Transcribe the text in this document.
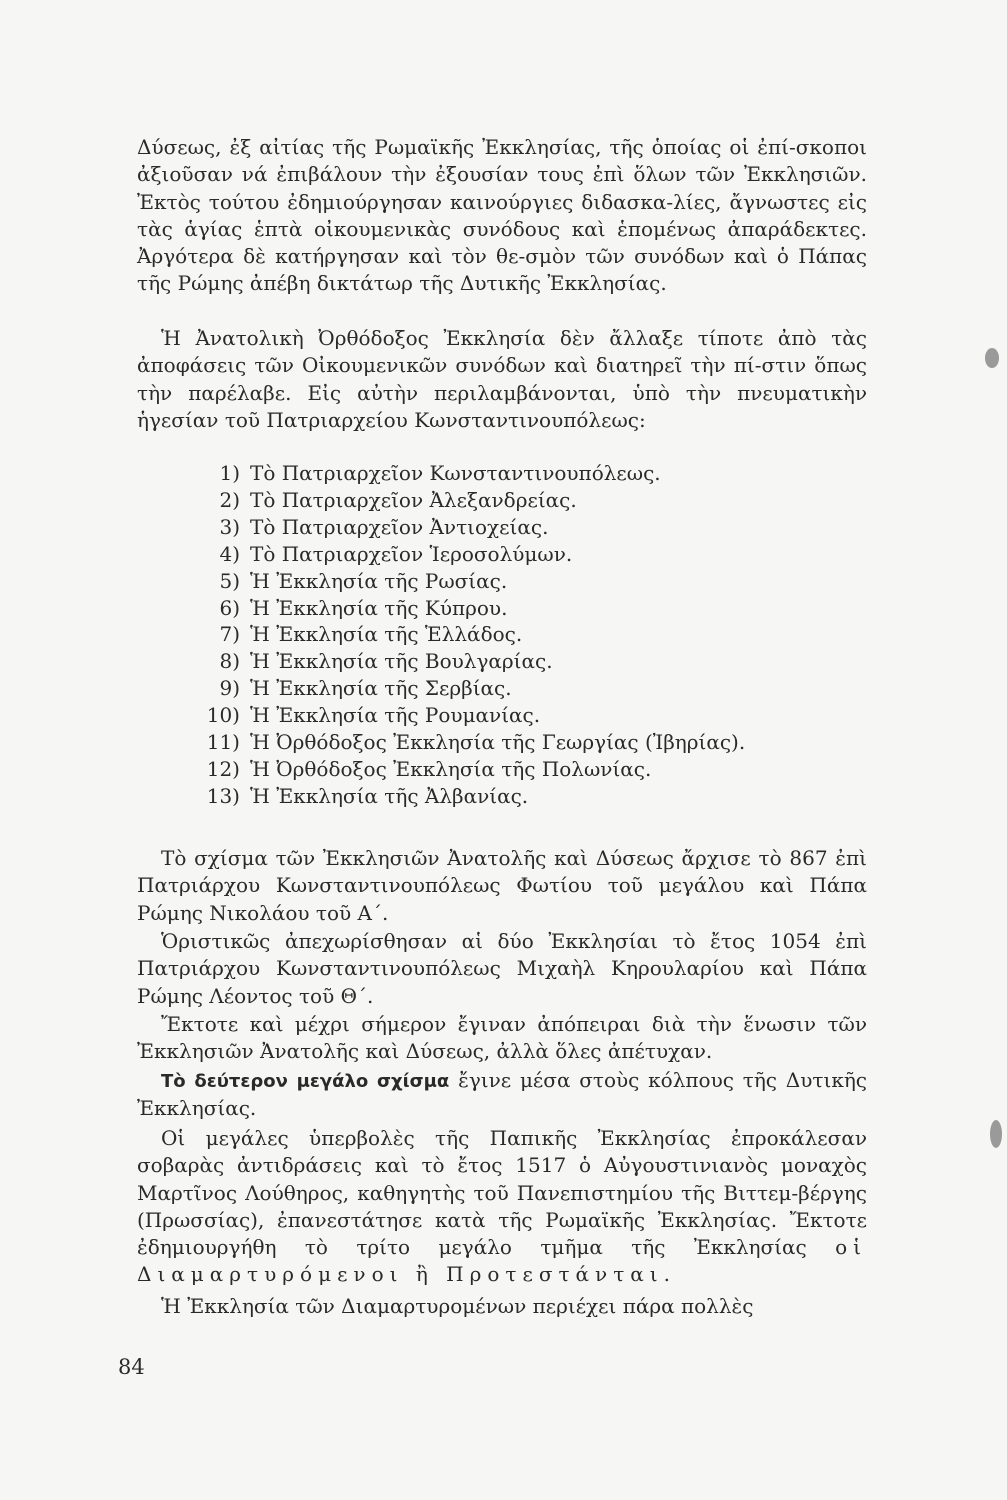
Δύσεως, ἐξ αἰτίας τῆς Ρωμαϊκῆς Ἐκκλησίας, τῆς ὁποίας οἱ ἐπί-σκοποι ἀξιοῦσαν νά ἐπιβάλουν τὴν ἐξουσίαν τους ἐπὶ ὅλων τῶν Ἐκκλησιῶν. Ἐκτὸς τούτου ἐδημιούργησαν καινούργιες διδασκα-λίες, ἄγνωστες εἰς τὰς ἁγίας ἑπτὰ οἰκουμενικὰς συνόδους καὶ ἑπομένως ἀπαράδεκτες. Ἀργότερα δὲ κατήργησαν καὶ τὸν θε-σμὸν τῶν συνόδων καὶ ὁ Πάπας τῆς Ρώμης ἀπέβη δικτάτωρ τῆς Δυτικῆς Ἐκκλησίας.

Ἡ Ἀνατολικὴ Ὀρθόδοξος Ἐκκλησία δὲν ἄλλαξε τίποτε ἀπὸ τὰς ἀποφάσεις τῶν Οἰκουμενικῶν συνόδων καὶ διατηρεῖ τὴν πί-στιν ὅπως τὴν παρέλαβε. Εἰς αὐτὴν περιλαμβάνονται, ὑπὸ τὴν πνευματικὴν ἡγεσίαν τοῦ Πατριαρχείου Κωνσταντινουπόλεως:

1) Τὸ Πατριαρχεῖον Κωνσταντινουπόλεως.
2) Τὸ Πατριαρχεῖον Ἀλεξανδρείας.
3) Τὸ Πατριαρχεῖον Ἀντιοχείας.
4) Τὸ Πατριαρχεῖον Ἱεροσολύμων.
5) Ἡ Ἐκκλησία τῆς Ρωσίας.
6) Ἡ Ἐκκλησία τῆς Κύπρου.
7) Ἡ Ἐκκλησία τῆς Ἑλλάδος.
8) Ἡ Ἐκκλησία τῆς Βουλγαρίας.
9) Ἡ Ἐκκλησία τῆς Σερβίας.
10) Ἡ Ἐκκλησία τῆς Ρουμανίας.
11) Ἡ Ὀρθόδοξος Ἐκκλησία τῆς Γεωργίας (Ἰβηρίας).
12) Ἡ Ὀρθόδοξος Ἐκκλησία τῆς Πολωνίας.
13) Ἡ Ἐκκλησία τῆς Ἀλβανίας.

Τὸ σχίσμα τῶν Ἐκκλησιῶν Ἀνατολῆς καὶ Δύσεως ἄρχισε τὸ 867 ἐπὶ Πατριάρχου Κωνσταντινουπόλεως Φωτίου τοῦ μεγάλου καὶ Πάπα Ρώμης Νικολάου τοῦ Α΄.

Ὁριστικῶς ἀπεχωρίσθησαν αἱ δύο Ἐκκλησίαι τὸ ἔτος 1054 ἐπὶ Πατριάρχου Κωνσταντινουπόλεως Μιχαὴλ Κηρουλαρίου καὶ Πάπα Ρώμης Λέοντος τοῦ Θ΄.

Ἔκτοτε καὶ μέχρι σήμερον ἔγιναν ἀπόπειραι διὰ τὴν ἕνωσιν τῶν Ἐκκλησιῶν Ἀνατολῆς καὶ Δύσεως, ἀλλὰ ὅλες ἀπέτυχαν.

Τὸ δεύτερον μεγάλο σχίσμα ἔγινε μέσα στοὺς κόλπους τῆς Δυτικῆς Ἐκκλησίας.

Οἱ μεγάλες ὑπερβολὲς τῆς Παπικῆς Ἐκκλησίας ἐπροκάλεσαν σοβαρὰς ἀντιδράσεις καὶ τὸ ἔτος 1517 ὁ Αὐγουστινιανὸς μοναχὸς Μαρτῖνος Λούθηρος, καθηγητὴς τοῦ Πανεπιστημίου τῆς Βιττεμ-βέργης (Πρωσσίας), ἐπανεστάτησε κατὰ τῆς Ρωμαϊκῆς Ἐκκλησίας. Ἔκτοτε ἐδημιουργήθη τὸ τρίτο μεγάλο τμῆμα τῆς Ἐκκλησίας οἱ Διαμαρτυρόμενοι ἢ Προτεστάνται.

Ἡ Ἐκκλησία τῶν Διαμαρτυρομένων περιέχει πάρα πολλὲς

84
